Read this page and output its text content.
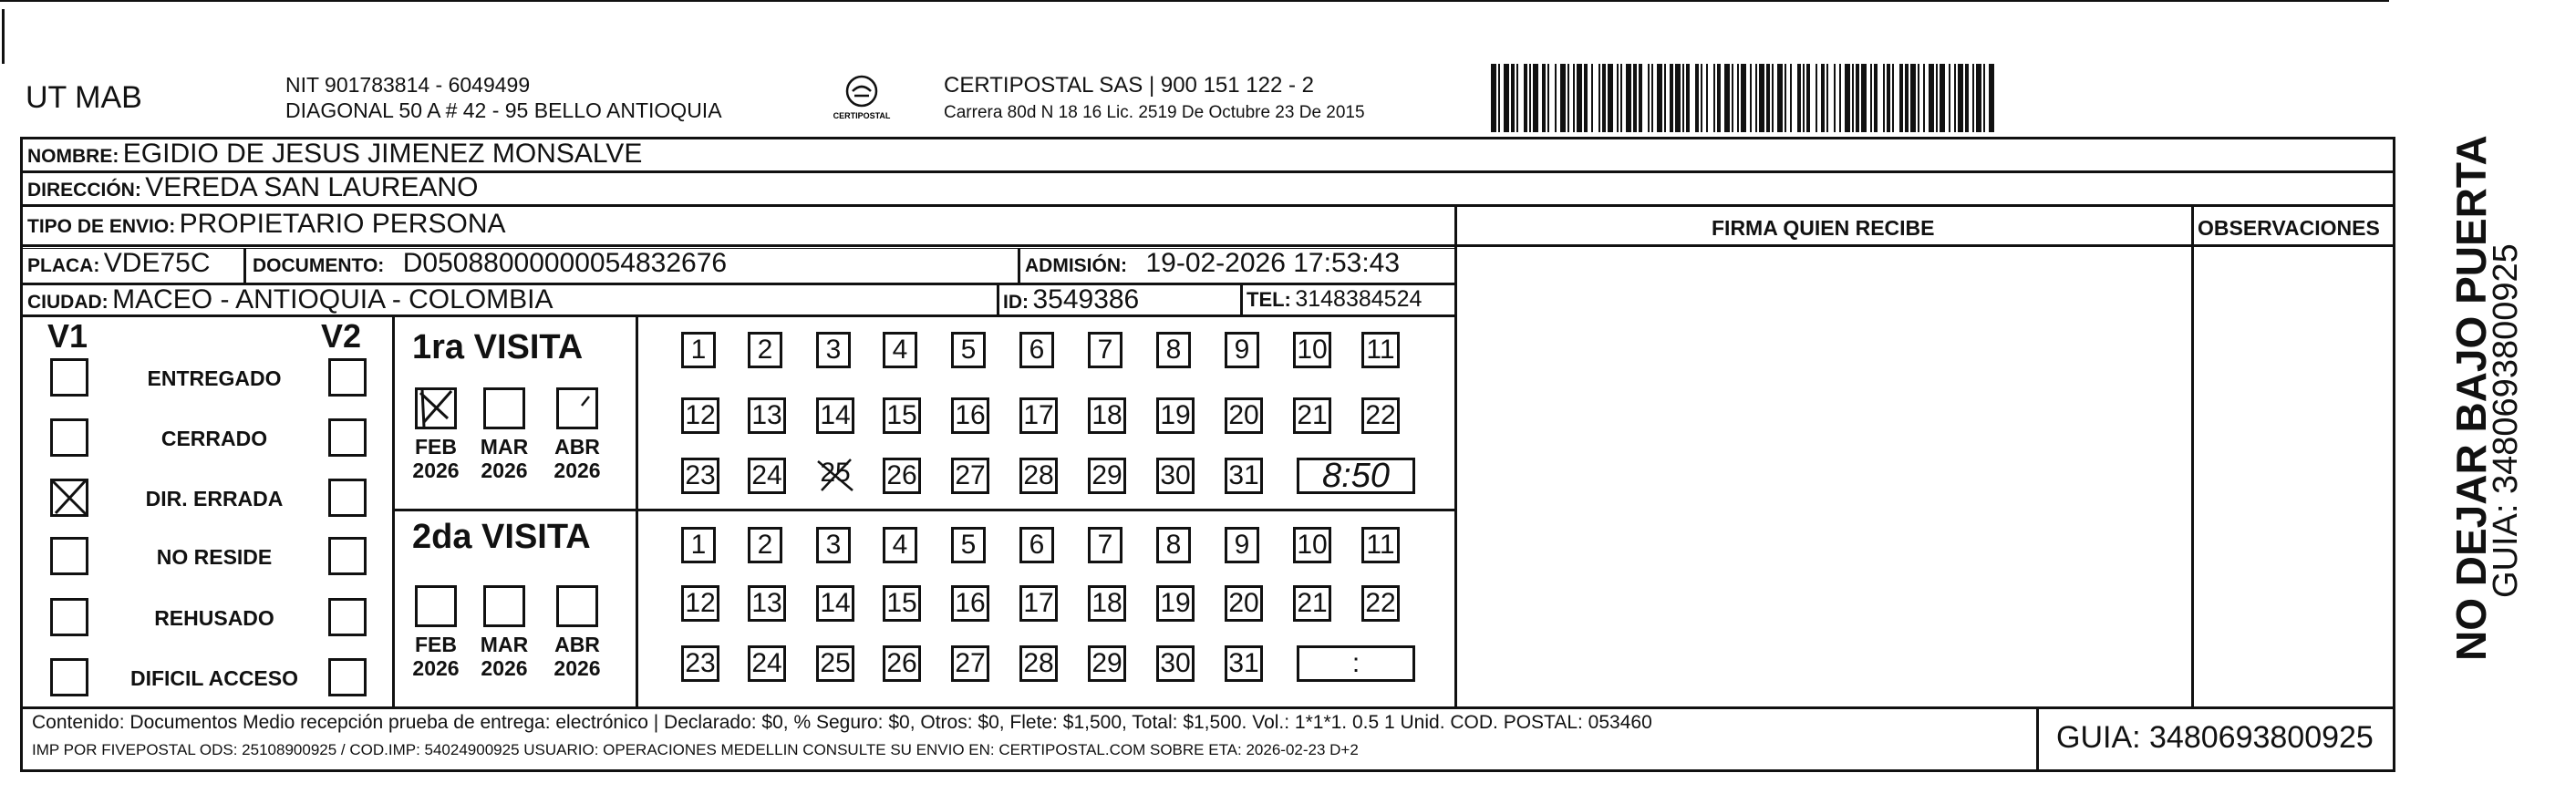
UT MAB	NIT 901783814 - 6049499
DIAGONAL 50 A # 42 - 95 BELLO ANTIOQUIA	CERTIPOSTAL
CERTIPOSTAL SAS | 900 151 122 - 2
Carrera 80d N 18 16 Lic. 2519 De Octubre 23 De 2015
NOMBRE: EGIDIO DE JESUS JIMENEZ MONSALVE
DIRECCIÓN: VEREDA SAN LAUREANO
TIPO DE ENVIO: PROPIETARIO PERSONA
PLACA: VDE75C DOCUMENTO: D05088000000054832676	ADMISIÓN: 19-02-2026 17:53:43
CIUDAD: MACEO - ANTIOQUIA - COLOMBIA	ID: 3549386	TEL: 3148384524
FIRMA QUIEN RECIBE	OBSERVACIONES
V1	V2
ENTREGADO
CERRADO
DIR. ERRADA
NO RESIDE
REHUSADO
DIFICIL ACCESO
1ra VISITA
2da VISITA
FEB
2026
MAR
2026
ABR
2026
FEB
2026
MAR
2026
ABR
2026
1	2	3	4	5	6	7	8	9	10 11
12 13 14 15 16 17 18 19 20 21 22
23 24 25 26 27 28 29 30 31	8:50
1	2	3	4	5	6	7	8	9	10 11
12 13 14 15 16 17 18 19 20 21 22
23 24 25 26 27 28 29 30 31	:
Contenido: Documentos Medio recepción prueba de entrega: electrónico | Declarado: $0, % Seguro: $0, Otros: $0, Flete: $1,500, Total: $1,500. Vol.: 1*1*1. 0.5 1 Unid. COD. POSTAL: 053460
IMP POR FIVEPOSTAL ODS: 25108900925 / COD.IMP: 54024900925 USUARIO: OPERACIONES MEDELLIN CONSULTE SU ENVIO EN: CERTIPOSTAL.COM SOBRE ETA: 2026-02-23 D+2	GUIA: 3480693800925
NO DEJAR BAJO PUERTA
GUIA: 3480693800925
